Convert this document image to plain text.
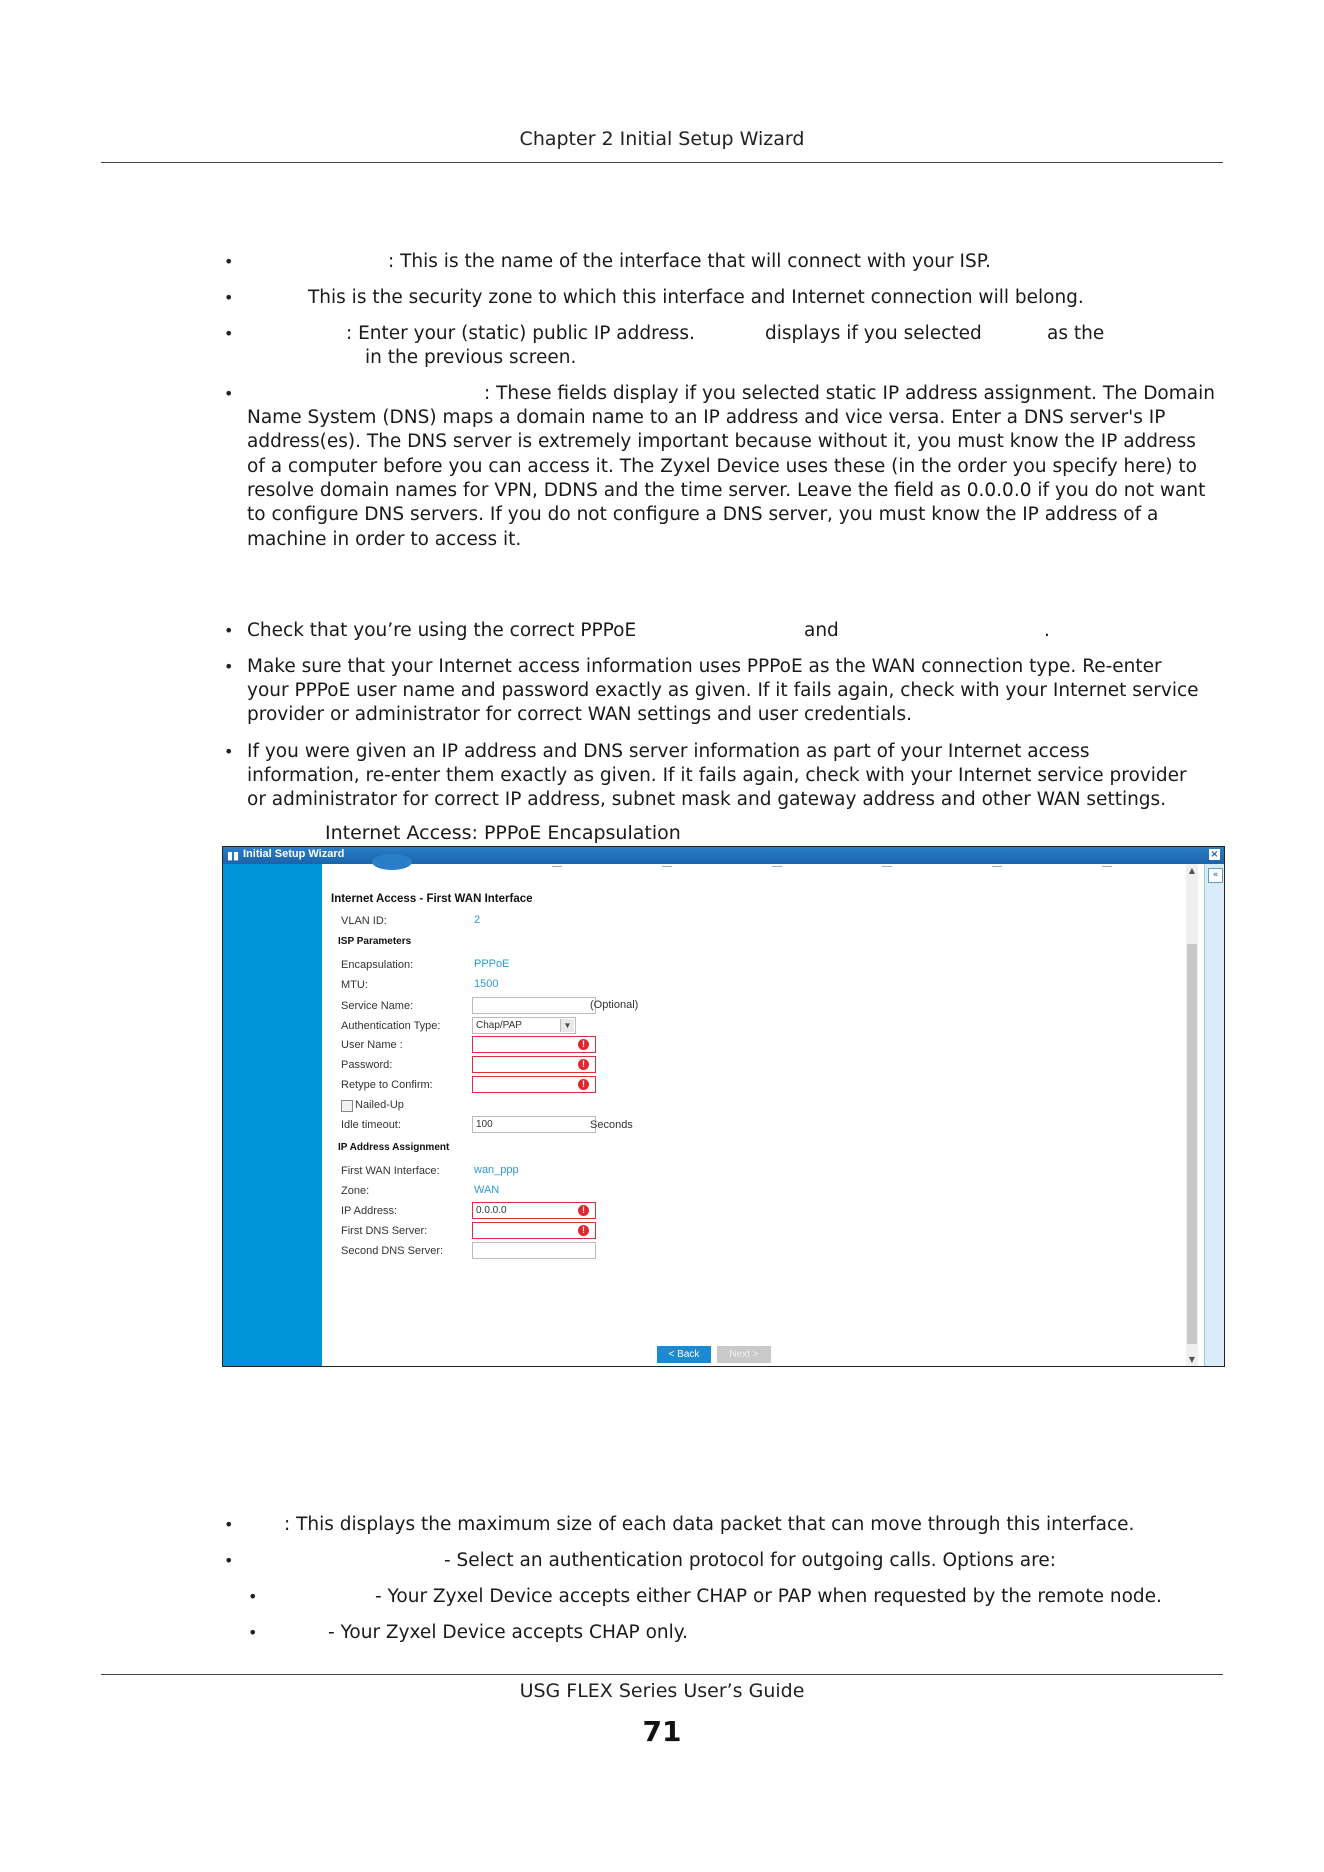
Chapter 2 Initial Setup Wizard
•	: This is the name of the interface that will connect with your ISP.
•	This is the security zone to which this interface and Internet connection will belong.
•	: Enter your (static) public IP address.	displays if you selected	as the
in the previous screen.
•	: These fields display if you selected static IP address assignment. The Domain
Name System (DNS) maps a domain name to an IP address and vice versa. Enter a DNS server's IP
address(es). The DNS server is extremely important because without it, you must know the IP address
of a computer before you can access it. The Zyxel Device uses these (in the order you specify here) to
resolve domain names for VPN, DDNS and the time server. Leave the field as 0.0.0.0 if you do not want
to configure DNS servers. If you do not configure a DNS server, you must know the IP address of a
machine in order to access it.
• Check that you’re using the correct PPPoE	and	.
• Make sure that your Internet access information uses PPPoE as the WAN connection type. Re-enter
your PPPoE user name and password exactly as given. If it fails again, check with your Internet service
provider or administrator for correct WAN settings and user credentials.
• If you were given an IP address and DNS server information as part of your Internet access
information, re-enter them exactly as given. If it fails again, check with your Internet service provider
or administrator for correct IP address, subnet mask and gateway address and other WAN settings.
Internet Access: PPPoE Encapsulation
▮▮ Initial Setup Wizard	×
Internet Access - First WAN Interface
VLAN ID:	2
ISP Parameters
Encapsulation:	PPPoE
MTU:	1500
Service Name:	(Optional)
Authentication Type:	Chap/PAP	▼
User Name :	!
Password:	!
Retype to Confirm:	!
Nailed-Up
Idle timeout:	100	Seconds
IP Address Assignment
First WAN Interface:	wan_ppp
Zone:	WAN
IP Address:	0.0.0.0	!
First DNS Server:	!
Second DNS Server:
▲
▼
«
< Back	Next >
•	: This displays the maximum size of each data packet that can move through this interface.
•	- Select an authentication protocol for outgoing calls. Options are:
•	- Your Zyxel Device accepts either CHAP or PAP when requested by the remote node.
•	- Your Zyxel Device accepts CHAP only.
USG FLEX Series User’s Guide
71
